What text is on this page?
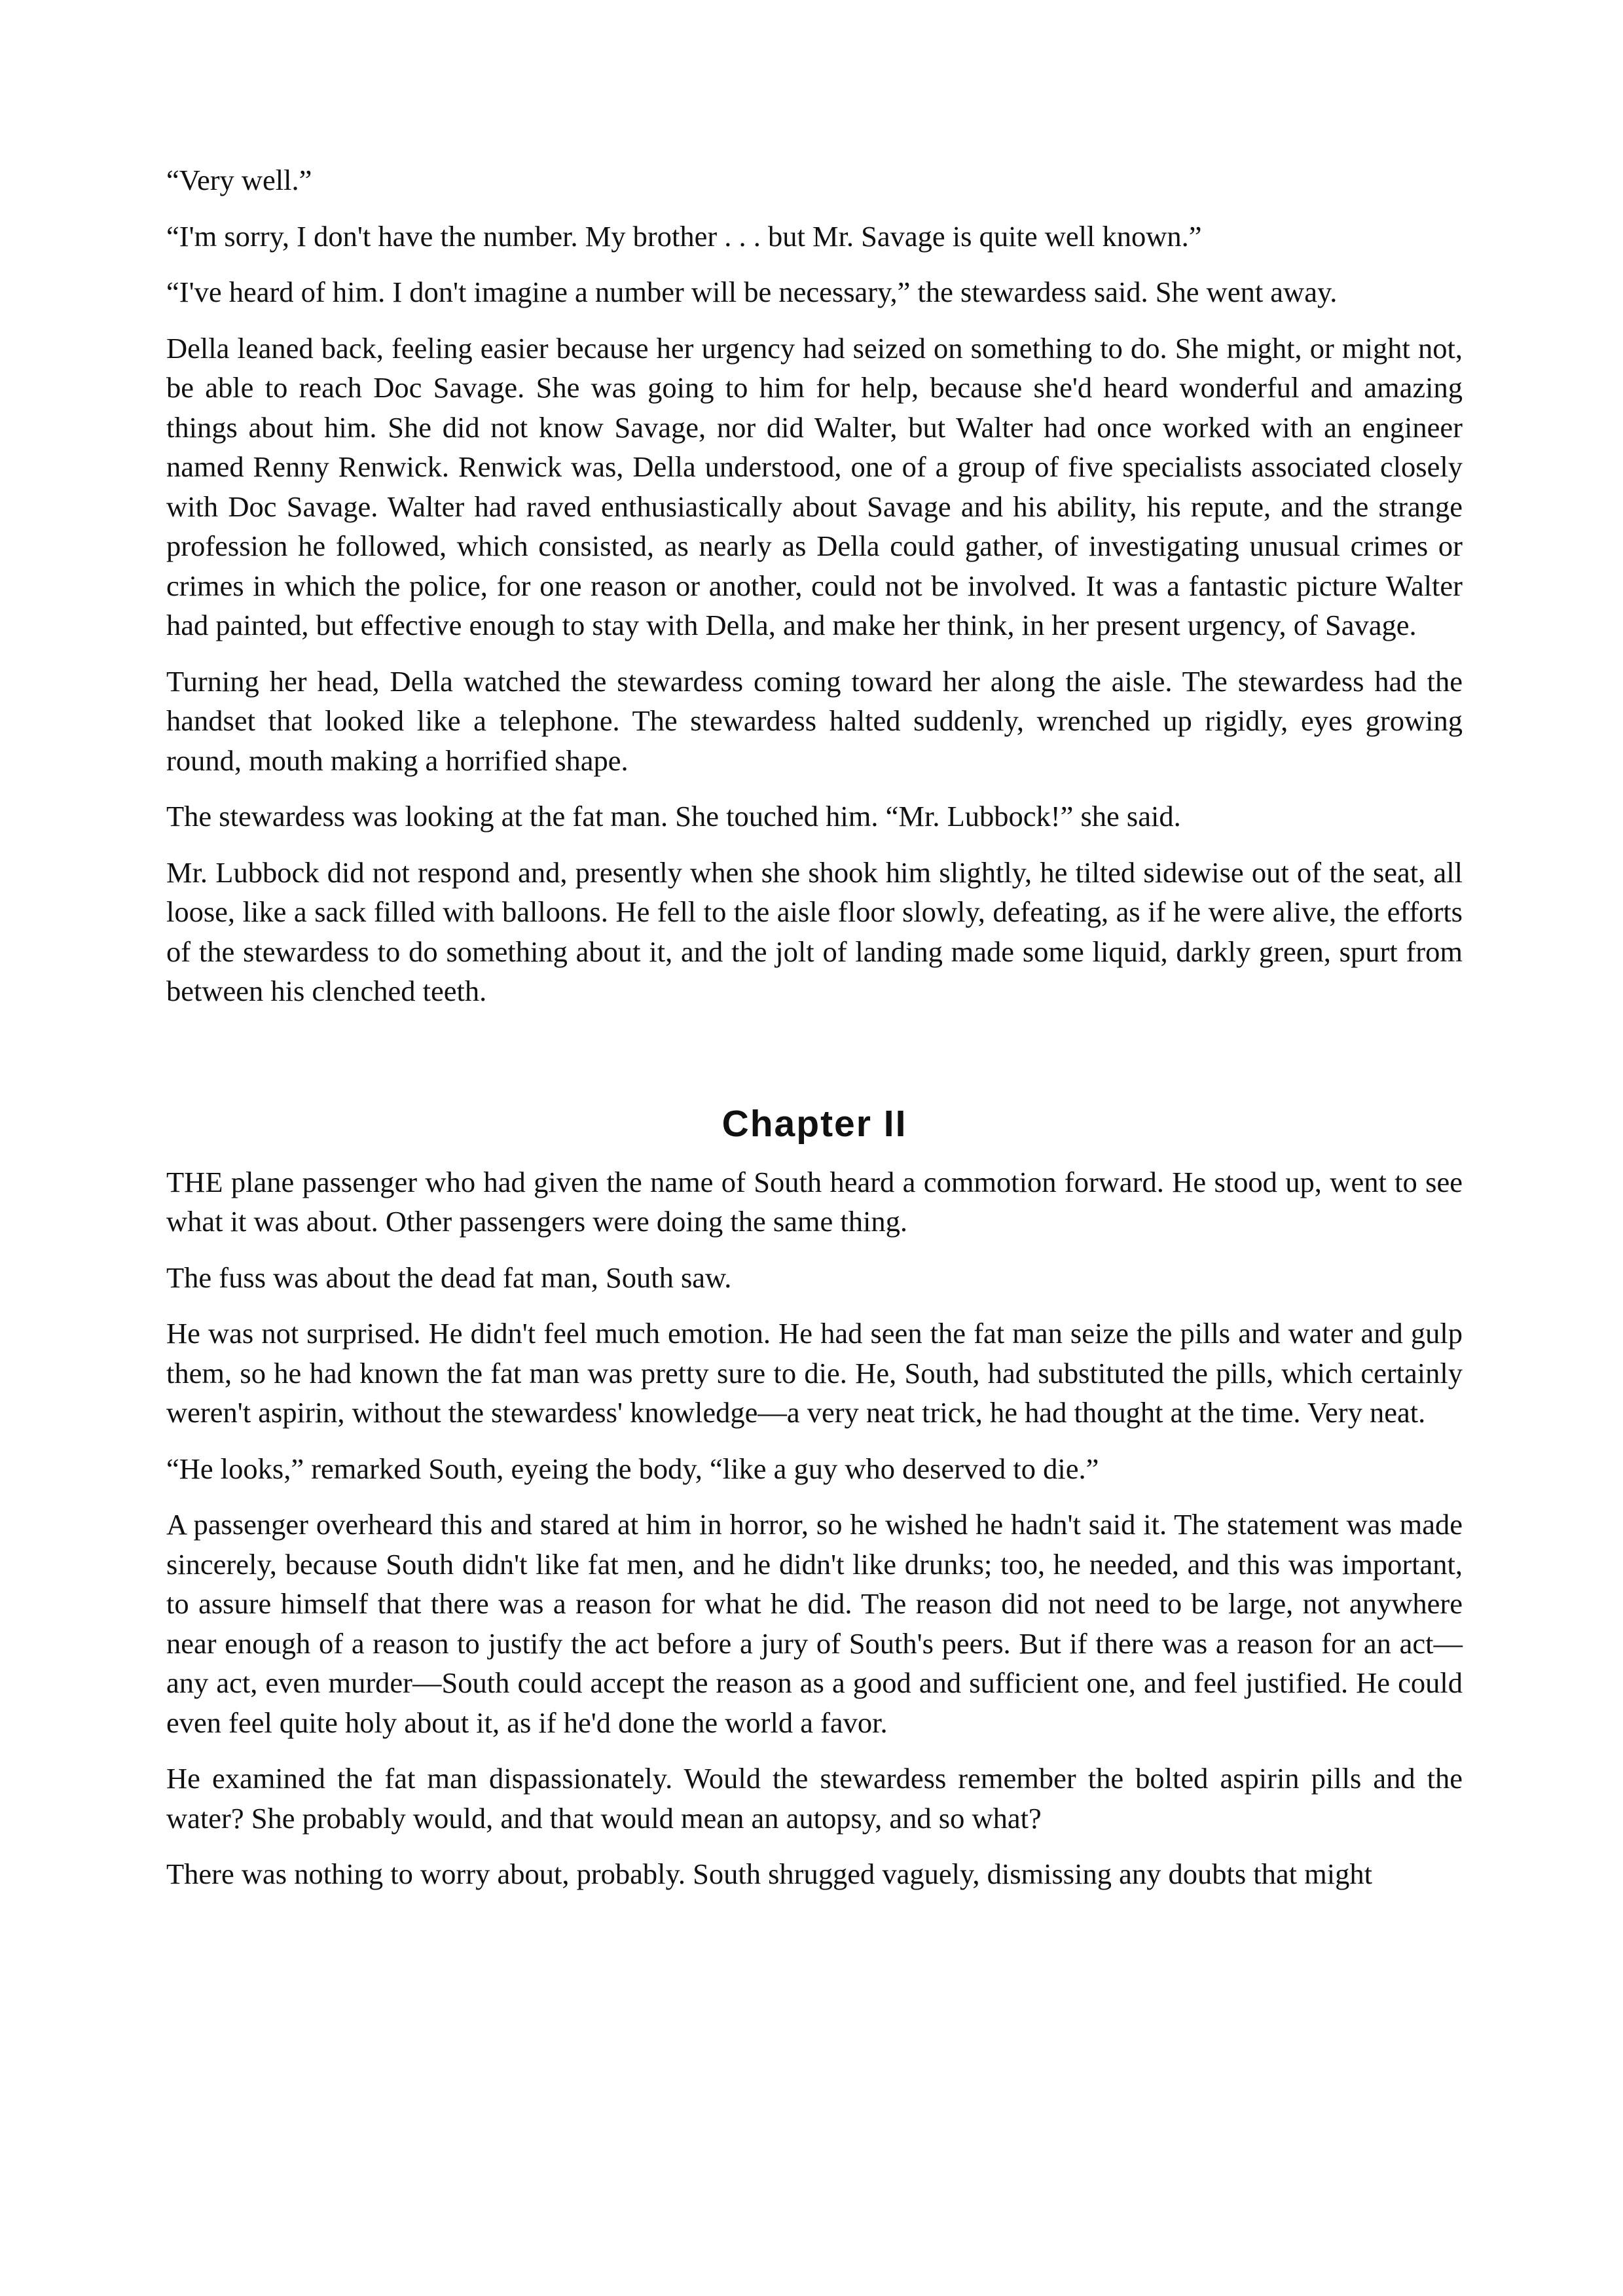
“Very well.”

“I'm sorry, I don't have the number. My brother . . . but Mr. Savage is quite well known.”

“I've heard of him. I don't imagine a number will be necessary,” the stewardess said. She went away.

Della leaned back, feeling easier because her urgency had seized on something to do. She might, or might not, be able to reach Doc Savage. She was going to him for help, because she'd heard wonderful and amazing things about him. She did not know Savage, nor did Walter, but Walter had once worked with an engineer named Renny Renwick. Renwick was, Della understood, one of a group of five specialists associated closely with Doc Savage. Walter had raved enthusiastically about Savage and his ability, his repute, and the strange profession he followed, which consisted, as nearly as Della could gather, of investigating unusual crimes or crimes in which the police, for one reason or another, could not be involved. It was a fantastic picture Walter had painted, but effective enough to stay with Della, and make her think, in her present urgency, of Savage.

Turning her head, Della watched the stewardess coming toward her along the aisle. The stewardess had the handset that looked like a telephone. The stewardess halted suddenly, wrenched up rigidly, eyes growing round, mouth making a horrified shape.

The stewardess was looking at the fat man. She touched him. “Mr. Lubbock!” she said.

Mr. Lubbock did not respond and, presently when she shook him slightly, he tilted sidewise out of the seat, all loose, like a sack filled with balloons. He fell to the aisle floor slowly, defeating, as if he were alive, the efforts of the stewardess to do something about it, and the jolt of landing made some liquid, darkly green, spurt from between his clenched teeth.

Chapter II

THE plane passenger who had given the name of South heard a commotion forward. He stood up, went to see what it was about. Other passengers were doing the same thing.

The fuss was about the dead fat man, South saw.

He was not surprised. He didn't feel much emotion. He had seen the fat man seize the pills and water and gulp them, so he had known the fat man was pretty sure to die. He, South, had substituted the pills, which certainly weren't aspirin, without the stewardess' knowledge—a very neat trick, he had thought at the time. Very neat.

“He looks,” remarked South, eyeing the body, “like a guy who deserved to die.”

A passenger overheard this and stared at him in horror, so he wished he hadn't said it. The statement was made sincerely, because South didn't like fat men, and he didn't like drunks; too, he needed, and this was important, to assure himself that there was a reason for what he did. The reason did not need to be large, not anywhere near enough of a reason to justify the act before a jury of South's peers. But if there was a reason for an act—any act, even murder—South could accept the reason as a good and sufficient one, and feel justified. He could even feel quite holy about it, as if he'd done the world a favor.

He examined the fat man dispassionately. Would the stewardess remember the bolted aspirin pills and the water? She probably would, and that would mean an autopsy, and so what?

There was nothing to worry about, probably. South shrugged vaguely, dismissing any doubts that might
